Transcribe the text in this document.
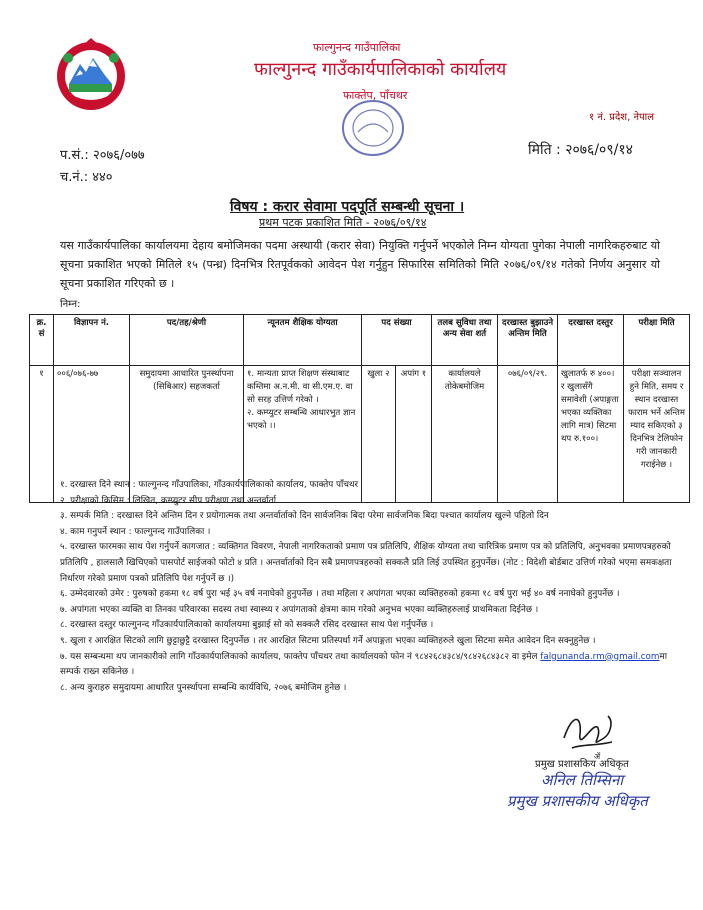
फाल्गुनन्द गाउँपालिका
फाल्गुनन्द गाउँकार्यपालिकाको कार्यालय
फाक्तेप, पाँचथर
१ नं. प्रदेश, नेपाल
प.सं.: २०७६/०७७
च.नं.: ४४०
मिति : २०७६/०९/१४
विषय : करार सेवामा पदपूर्ति सम्बन्धी सूचना ।
प्रथम पटक प्रकाशित मिति - २०७६/०९/१४
यस गाउँकार्यपालिका कार्यालयमा देहाय बमोजिमका पदमा अस्थायी (करार सेवा) नियुक्ति गर्नुपर्ने भएकोले निम्न योग्यता पुगेका नेपाली नागरिकहरुबाट यो सूचना प्रकाशित भएको मितिले १५ (पन्ध्र) दिनभित्र रितपूर्वकको आवेदन पेश गर्नुहुन सिफारिस समितिको मिति २०७६/०९/१४ गतेको निर्णय अनुसार यो सूचना प्रकाशित गरिएको छ ।
निम्न:
क्र. सं	विज्ञापन नं.	पद/तह/श्रेणी	न्यूनतम शैक्षिक योग्यता	पद संख्या		तलब सुविधा तथा अन्य सेवा शर्त	दरखास्त बुझाउने अन्तिम मिति	दरखास्त दस्तुर	परीक्षा मिति
१	००६/०७६-७७	समुदायमा आधारित पुनर्स्थापना (सिबिआर) सहजकर्ता	१. मान्यता प्राप्त शिक्षण संस्थाबाट कम्तिमा अ.न.मी. वा सी.एम.ए. वा सो सरह उत्तिर्ण गरेको ।
२. कम्प्युटर सम्बन्धि आधारभुत ज्ञान भएको ।।	खुला २	अपांग १	कार्यालयले तोकेबमोजिम	०७६/०९/२९.	खुलातर्फ रु ४००। र खुलासँगै समावेशी (अपाङ्गता भएका व्यक्तिका लागि मात्र) सिटमा थप रु.१००।	परीक्षा सञ्चालन हुने मिति, समय र स्थान दरखास्त फाराम भर्ने अन्तिम म्याद सकिएको ३ दिनभित्र टेलिफोन गरी जानकारी गराईनेछ ।
१. दरखास्त दिने स्थान : फाल्गुनन्द गाँउपालिका, गाँउकार्यपालिकाको कार्यालय, फाक्तेप पाँचथर
२. परीक्षाको किसिम : लिखित, कम्प्युटर सीप परीक्षण तथा अन्तर्वार्ता
३. सम्पर्क मिति : दरखास्त दिने अन्तिम दिन र प्रयोगात्मक तथा अन्तर्वार्ताको दिन सार्वजनिक बिदा परेमा सार्वजनिक बिदा पश्चात कार्यालय खुल्ने पहिलो दिन
४. काम गनुपर्ने स्थान : फाल्गुनन्द गाउँपालिका ।
५. दरखास्त फारमका साथ पेश गर्नुपर्ने कागजात : व्यक्तिगत विवरण, नेपाली नागरिकताको प्रमाण पत्र प्रतिलिपि, शैक्षिक योग्यता तथा चारित्रिक प्रमाण पत्र को प्रतिलिपि, अनुभवका प्रमाणपत्रहरुको प्रतिलिपि , हालसालै खिचिएको पासपोर्ट साईजको फोटो ४ प्रति । अन्तर्वार्ताको दिन सबै प्रमाणपत्रहरुको सक्कलै प्रति लिई उपस्थित हुनुपर्नेछ। (नोट : विदेशी बोर्डबाट उत्तिर्ण गरेको भएमा समकक्षता निर्धारण गरेको प्रमाण पत्रको प्रतिलिपि पेश गर्नुपर्ने छ ।)
६. उम्मेदवारको उमेर : पुरुषको हकमा १८ वर्ष पुरा भई ३५ वर्ष ननाघेको हुनुपर्नेछ । तथा महिला र अपांगता भएका व्यक्तिहरुको हकमा १८ वर्ष पुरा भई ४० वर्ष ननाघेको हुनुपर्नेछ ।
७. अपांगता भएका व्यक्ति वा तिनका परिवारका सदस्य तथा स्वास्थ्य र अपांगताको क्षेत्रमा काम गरेको अनुभव भएका व्यक्तिहरुलाई प्राथमिकता दिईनेछ ।
८. दरखास्त दस्तुर फाल्गुनन्द गाँउकार्यपालिकाको कार्यालयमा बुझाई सो को सक्कलै रसिद दरखास्त साथ पेश गर्नुपर्नेछ ।
९. खुला र आरक्षित सिटको लागि छुट्टाछुट्टै दरखास्त दिनुपर्नेछ । तर आरक्षित सिटमा प्रतिस्पर्धा गर्ने अपाङ्गता भएका व्यक्तिहरुले खुला सिटमा समेत आवेदन दिन सक्नुहुनेछ ।
७. यस सम्बन्धमा थप जानकारीको लागि गाँउकार्यपालिकाको कार्यालय, फाक्तेप पाँचथर तथा कार्यालयको फोन नं ९८४२६८४३८४/९८४२६८४३८२ वा इमेल falgunanda.rm@gmail.comमा सम्पर्क राख्न सकिनेछ ।
८. अन्य कुराहरु समुदायमा आधारित पुनर्स्थापना सम्बन्धि कार्यविधि, २०७६ बमोजिम हुनेछ ।
ॲ
प्रमुख प्रशासकिय अधिकृत
अनिल तिम्सिना
प्रमुख प्रशासकीय अधिकृत
